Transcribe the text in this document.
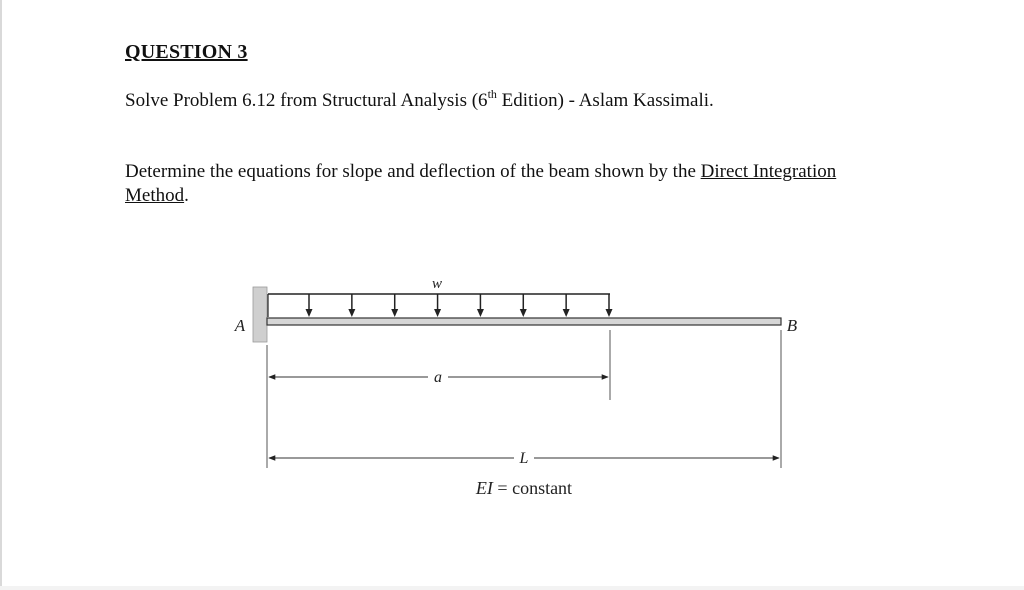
QUESTION 3
Solve Problem 6.12 from Structural Analysis (6th Edition) - Aslam Kassimali.
Determine the equations for slope and deflection of the beam shown by the Direct Integration
Method.
w
A	B
a
L
EI = constant
